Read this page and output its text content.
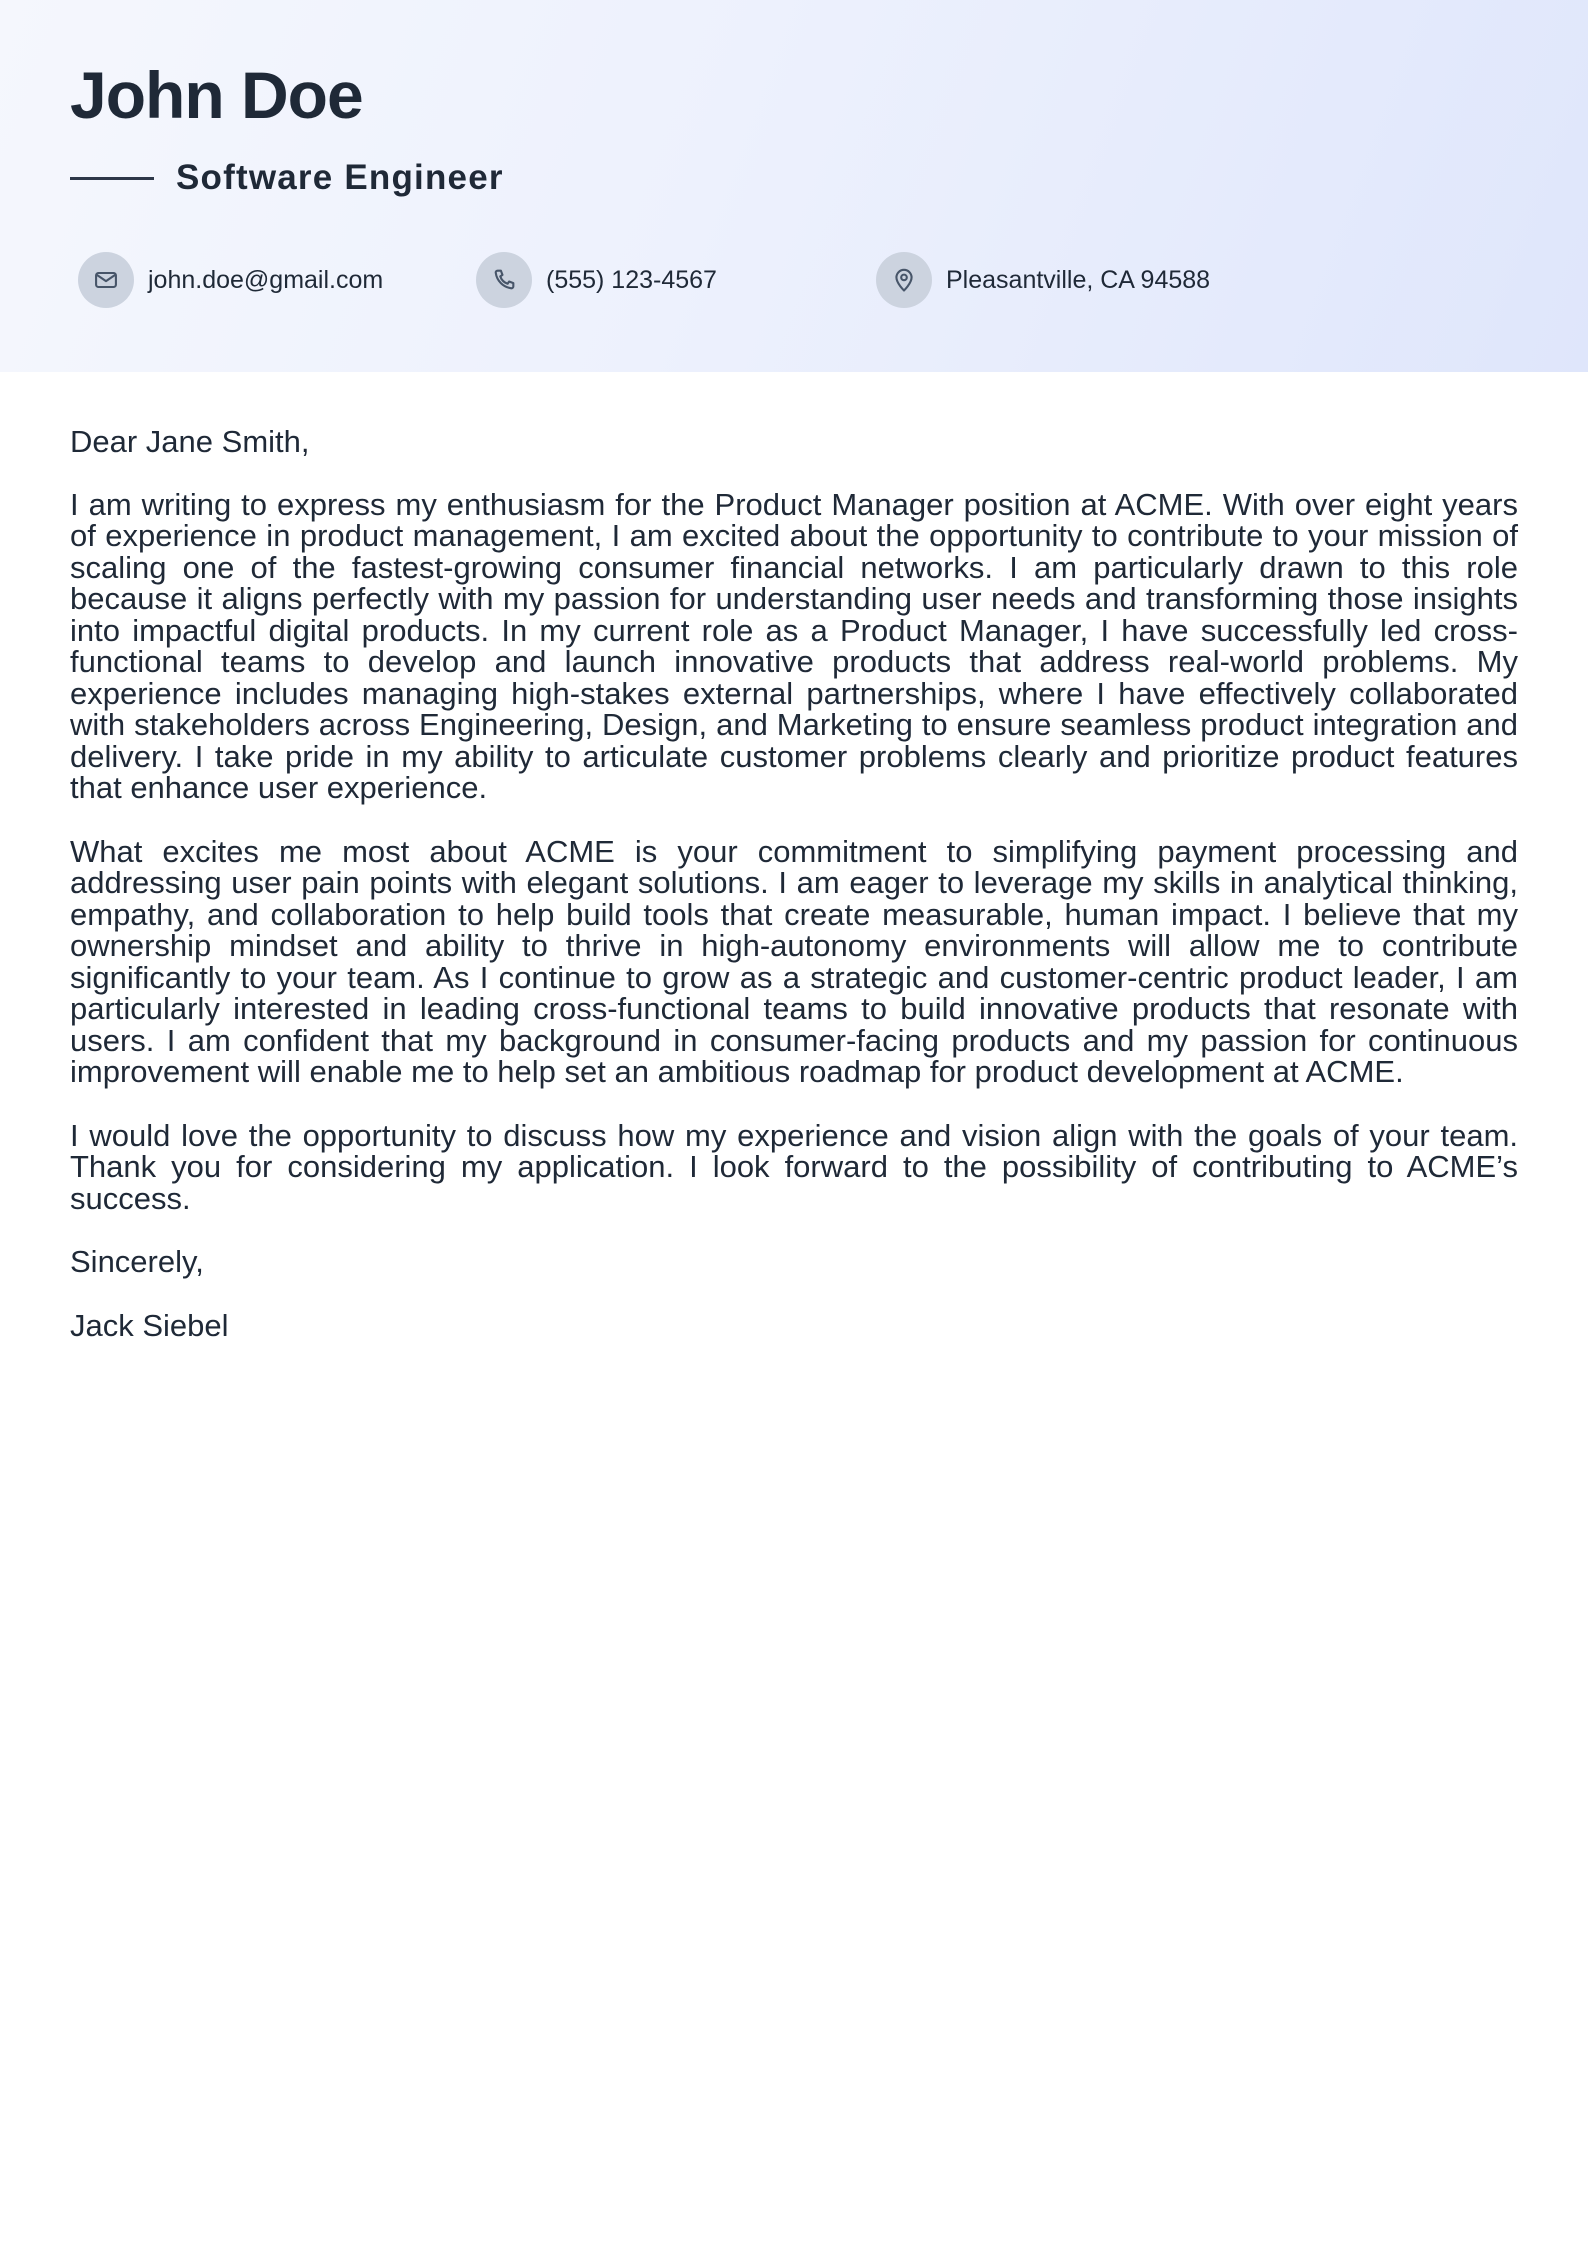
John Doe
Software Engineer
john.doe@gmail.com	(555) 123-4567	Pleasantville, CA 94588

Dear Jane Smith,

I am writing to express my enthusiasm for the Product Manager position at ACME. With over eight years of experience in product management, I am excited about the opportunity to contribute to your mission of scaling one of the fastest-growing consumer financial networks. I am particularly drawn to this role because it aligns perfectly with my passion for understanding user needs and transforming those insights into impactful digital products. In my current role as a Product Manager, I have successfully led cross-functional teams to develop and launch innovative products that address real-world problems. My experience includes managing high-stakes external partnerships, where I have effectively collaborated with stakeholders across Engineering, Design, and Marketing to ensure seamless product integration and delivery. I take pride in my ability to articulate customer problems clearly and prioritize product features that enhance user experience.

What excites me most about ACME is your commitment to simplifying payment processing and addressing user pain points with elegant solutions. I am eager to leverage my skills in analytical thinking, empathy, and collaboration to help build tools that create measurable, human impact. I believe that my ownership mindset and ability to thrive in high-autonomy environments will allow me to contribute significantly to your team. As I continue to grow as a strategic and customer-centric product leader, I am particularly interested in leading cross-functional teams to build innovative products that resonate with users. I am confident that my background in consumer-facing products and my passion for continuous improvement will enable me to help set an ambitious roadmap for product development at ACME.

I would love the opportunity to discuss how my experience and vision align with the goals of your team. Thank you for considering my application. I look forward to the possibility of contributing to ACME’s success.

Sincerely,

Jack Siebel
